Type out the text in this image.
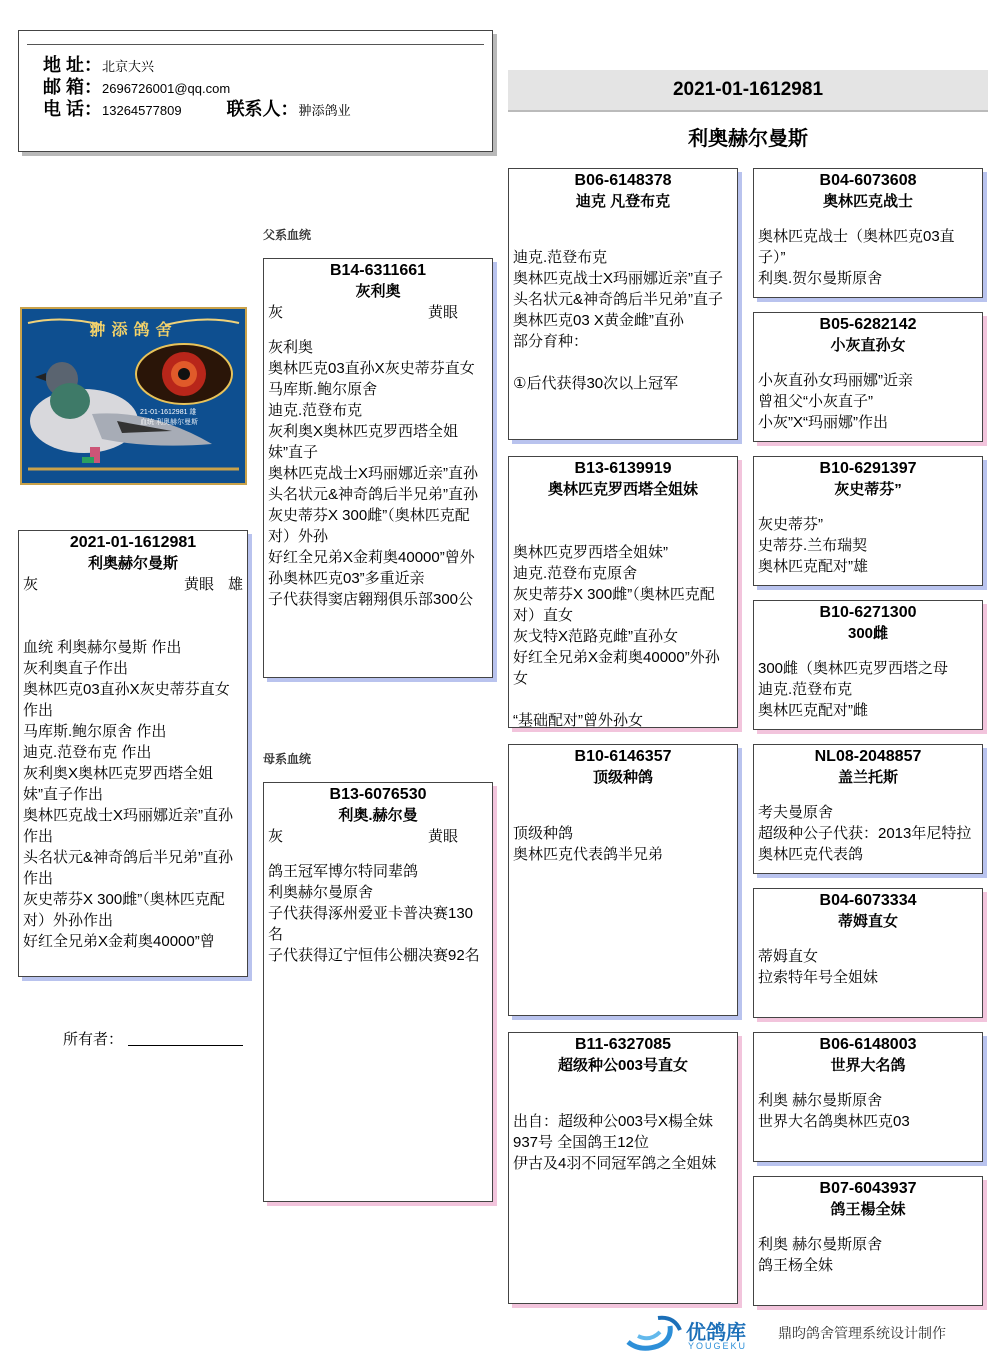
地 址：北京大兴
邮 箱：2696726001@qq.com
电 话：13264577809	联系人：翀添鸽业
2021-01-1612981
利奥赫尔曼斯
翀添鸽舍
21-01-1612981 雄
血统 利奥赫尔曼斯
2021-01-1612981
利奥赫尔曼斯
灰	黄眼 雄
血统 利奥赫尔曼斯 作出
灰利奥直子作出
奥林匹克03直孙X灰史蒂芬直女 作出
马库斯.鲍尔原舍 作出
迪克.范登布克 作出
灰利奥X奥林匹克罗西塔全姐妹”直子作出
奥林匹克战士X玛丽娜近亲”直孙 作出
头名状元&神奇鸽后半兄弟”直孙 作出
灰史蒂芬X 300雌”（奥林匹克配对）外孙作出
好红全兄弟X金莉奥40000”曾
所有者：
父系血统
母系血统
B14-6311661
灰利奥
灰	黄眼
灰利奥
奥林匹克03直孙X灰史蒂芬直女
马库斯.鲍尔原舍
迪克.范登布克
灰利奥X奥林匹克罗西塔全姐妹”直子
奥林匹克战士X玛丽娜近亲”直孙
头名状元&神奇鸽后半兄弟”直孙
灰史蒂芬X 300雌”（奥林匹克配对）外孙
好红全兄弟X金莉奥40000”曾外孙奥林匹克03”多重近亲
子代获得窦店翱翔俱乐部300公
B13-6076530
利奥.赫尔曼
灰	黄眼
鸽王冠军博尔特同辈鸽
利奥赫尔曼原舍
子代获得涿州爱亚卡普决赛130名
子代获得辽宁恒伟公棚决赛92名
B06-6148378
迪克 凡登布克

迪克.范登布克
奥林匹克战士X玛丽娜近亲”直子
头名状元&神奇鸽后半兄弟”直子
奥林匹克03 X黄金雌”直孙
部分育种：

①后代获得30次以上冠军
B13-6139919
奥林匹克罗西塔全姐妹

奥林匹克罗西塔全姐妹”
迪克.范登布克原舍
灰史蒂芬X 300雌”（奥林匹克配对）直女
灰戈特X范路克雌”直孙女
好红全兄弟X金莉奥40000”外孙女

“基础配对”曾外孙女
B10-6146357
顶级种鸽

顶级种鸽
奥林匹克代表鸽半兄弟
B11-6327085
超级种公003号直女

出自：超级种公003号X楊全妹937号 全国鸽王12位
伊古及4羽不同冠军鸽之全姐妹
B04-6073608
奥林匹克战士
奥林匹克战士（奥林匹克03直子）”
利奥.贺尔曼斯原舍
B05-6282142
小灰直孙女
小灰直孙女玛丽娜”近亲
曾祖父“小灰直子”
小灰”X“玛丽娜”作出
B10-6291397
灰史蒂芬”
灰史蒂芬”
史蒂芬.兰布瑞契
奥林匹克配对”雄
B10-6271300
300雌
300雌（奥林匹克罗西塔之母
迪克.范登布克
奥林匹克配对”雌
NL08-2048857
盖兰托斯
考夫曼原舍
超级种公子代获：2013年尼特拉奥林匹克代表鸽
B04-6073334
蒂姆直女
蒂姆直女
拉索特年号全姐妹
B06-6148003
世界大名鸽
利奥 赫尔曼斯原舍
世界大名鸽奥林匹克03
B07-6043937
鸽王楊全妹
利奥 赫尔曼斯原舍
鸽王杨全妹
优鸽库
YOUGEKU
鼎昀鸽舍管理系统设计制作
